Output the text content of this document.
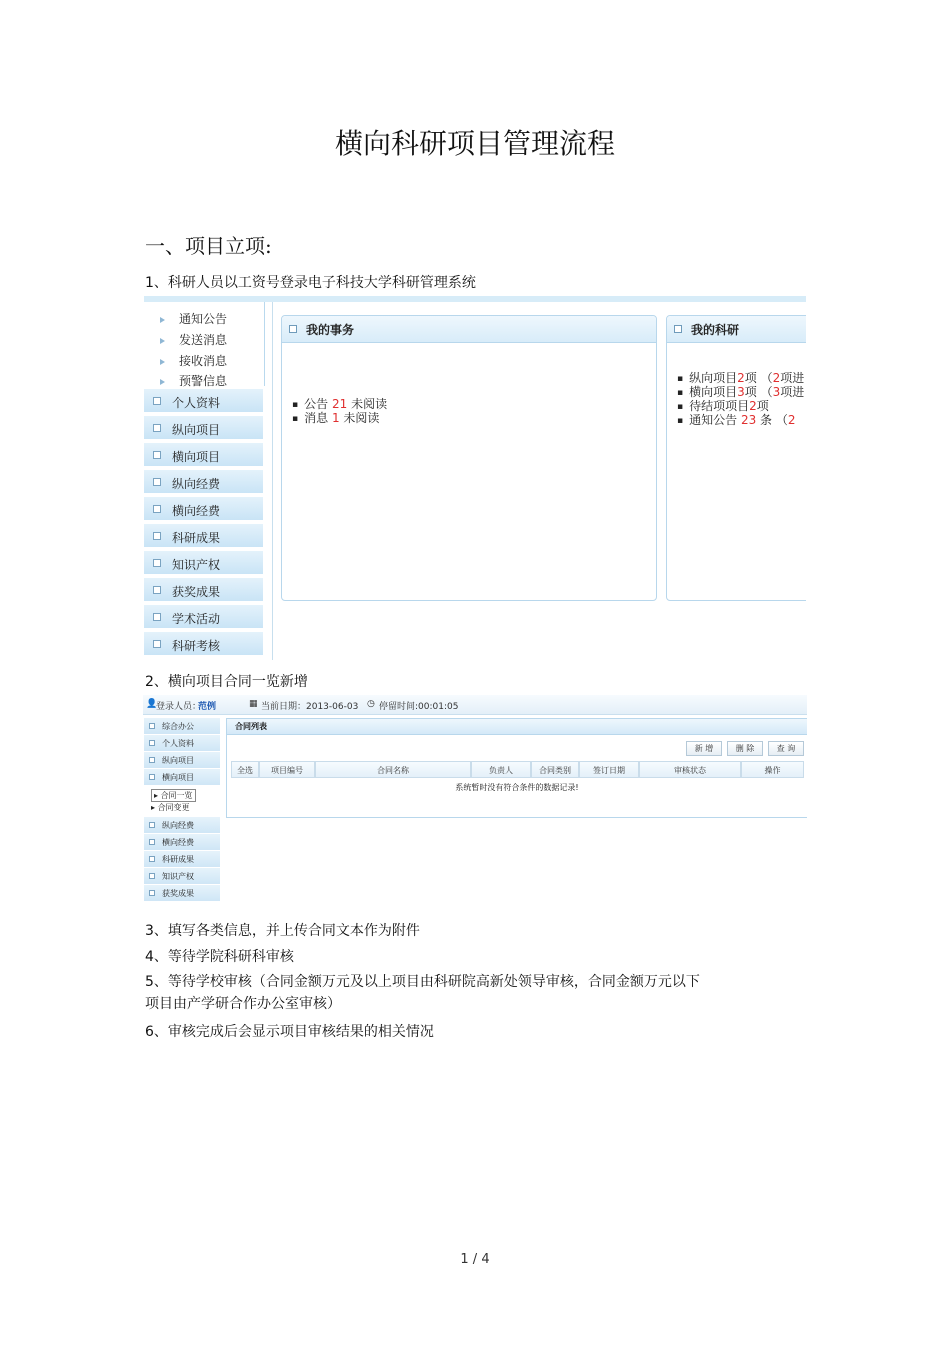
横向科研项目管理流程
一、项目立项:
1、科研人员以工资号登录电子科技大学科研管理系统
通知公告
发送消息
接收消息
预警信息
个人资料
纵向项目
横向项目
纵向经费
横向经费
科研成果
知识产权
获奖成果
学术活动
科研考核
我的事务
▪ 公告 21 未阅读
▪ 消息 1 未阅读
我的科研
▪ 纵向项目2项 （2项进
▪ 横向项目3项 （3项进
▪ 待结项项目2项
▪ 通知公告 23 条 （2
2、横向项目合同一览新增
👤
登录人员：
范例	▦ 当前日期：2013-06-03 ◷ 停留时间:00:01:05
综合办公
个人资料
纵向项目
横向项目
▸ 合同一览
▸ 合同变更
纵向经费
横向经费
科研成果
知识产权
获奖成果
合同列表
新 增	删 除	查 询
全选	项目编号	合同名称	负责人	合同类别	签订日期	审核状态	操作
系统暂时没有符合条件的数据记录!
3、填写各类信息，并上传合同文本作为附件
4、等待学院科研科审核
5、等待学校审核（合同金额万元及以上项目由科研院高新处领导审核，合同金额万元以下
项目由产学研合作办公室审核）
6、审核完成后会显示项目审核结果的相关情况
1 / 4
